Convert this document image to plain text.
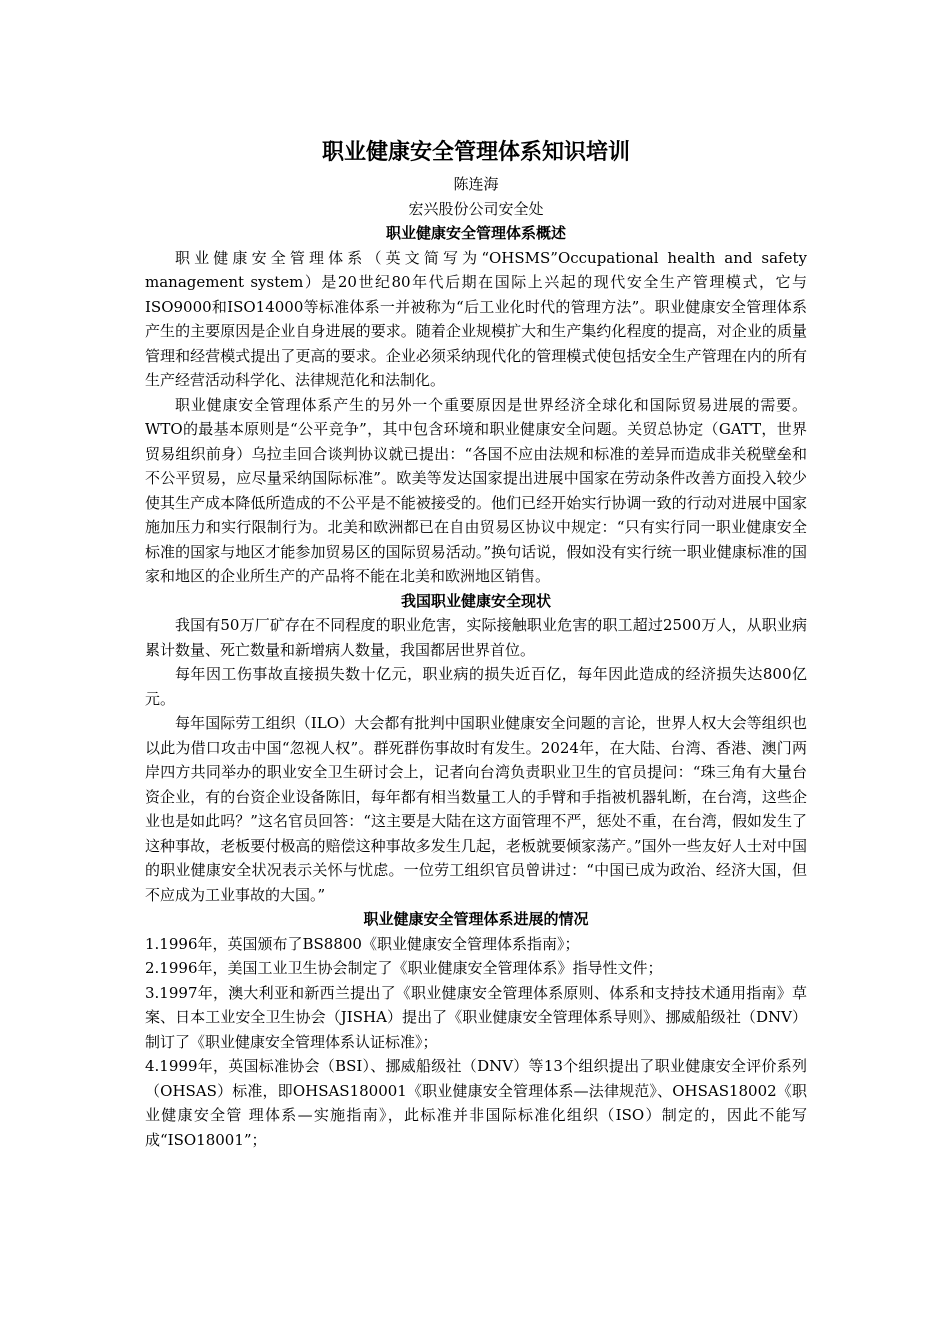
职业健康安全管理体系知识培训

陈连海

宏兴股份公司安全处

职业健康安全管理体系概述

职业健康安全管理体系（英文简写为“OHSMS”Occupational health and safety management system）是20世纪80年代后期在国际上兴起的现代安全生产管理模式，它与ISO9000和ISO14000等标准体系一并被称为“后工业化时代的管理方法”。职业健康安全管理体系产生的主要原因是企业自身进展的要求。随着企业规模扩大和生产集约化程度的提高，对企业的质量管理和经营模式提出了更高的要求。企业必须采纳现代化的管理模式使包括安全生产管理在内的所有生产经营活动科学化、法律规范化和法制化。

职业健康安全管理体系产生的另外一个重要原因是世界经济全球化和国际贸易进展的需要。WTO的最基本原则是“公平竞争”，其中包含环境和职业健康安全问题。关贸总协定（GATT，世界贸易组织前身）乌拉圭回合谈判协议就已提出：“各国不应由法规和标准的差异而造成非关税壁垒和不公平贸易，应尽量采纳国际标准”。欧美等发达国家提出进展中国家在劳动条件改善方面投入较少使其生产成本降低所造成的不公平是不能被接受的。他们已经开始实行协调一致的行动对进展中国家施加压力和实行限制行为。北美和欧洲都已在自由贸易区协议中规定：“只有实行同一职业健康安全标准的国家与地区才能参加贸易区的国际贸易活动。”换句话说，假如没有实行统一职业健康标准的国家和地区的企业所生产的产品将不能在北美和欧洲地区销售。

我国职业健康安全现状

我国有50万厂矿存在不同程度的职业危害，实际接触职业危害的职工超过2500万人，从职业病累计数量、死亡数量和新增病人数量，我国都居世界首位。

每年因工伤事故直接损失数十亿元，职业病的损失近百亿，每年因此造成的经济损失达800亿元。

每年国际劳工组织（ILO）大会都有批判中国职业健康安全问题的言论，世界人权大会等组织也以此为借口攻击中国“忽视人权”。群死群伤事故时有发生。2024年，在大陆、台湾、香港、澳门两岸四方共同举办的职业安全卫生研讨会上，记者向台湾负责职业卫生的官员提问：“珠三角有大量台资企业，有的台资企业设备陈旧，每年都有相当数量工人的手臂和手指被机器轧断，在台湾，这些企业也是如此吗？”这名官员回答：“这主要是大陆在这方面管理不严，惩处不重，在台湾，假如发生了这种事故，老板要付极高的赔偿这种事故多发生几起，老板就要倾家荡产。”国外一些友好人士对中国的职业健康安全状况表示关怀与忧虑。一位劳工组织官员曾讲过：“中国已成为政治、经济大国，但不应成为工业事故的大国。”

职业健康安全管理体系进展的情况

1.1996年，英国颁布了BS8800《职业健康安全管理体系指南》；

2.1996年，美国工业卫生协会制定了《职业健康安全管理体系》指导性文件；

3.1997年，澳大利亚和新西兰提出了《职业健康安全管理体系原则、体系和支持技术通用指南》草案、日本工业安全卫生协会（JISHA）提出了《职业健康安全管理体系导则》、挪威船级社（DNV）制订了《职业健康安全管理体系认证标准》；

4.1999年，英国标准协会（BSI）、挪威船级社（DNV）等13个组织提出了职业健康安全评价系列（OHSAS）标准，即OHSAS180001《职业健康安全管理体系—法律规范》、OHSAS18002《职业健康安全管 理体系—实施指南》，此标准并非国际标准化组织（ISO）制定的，因此不能写成“ISO18001”；
